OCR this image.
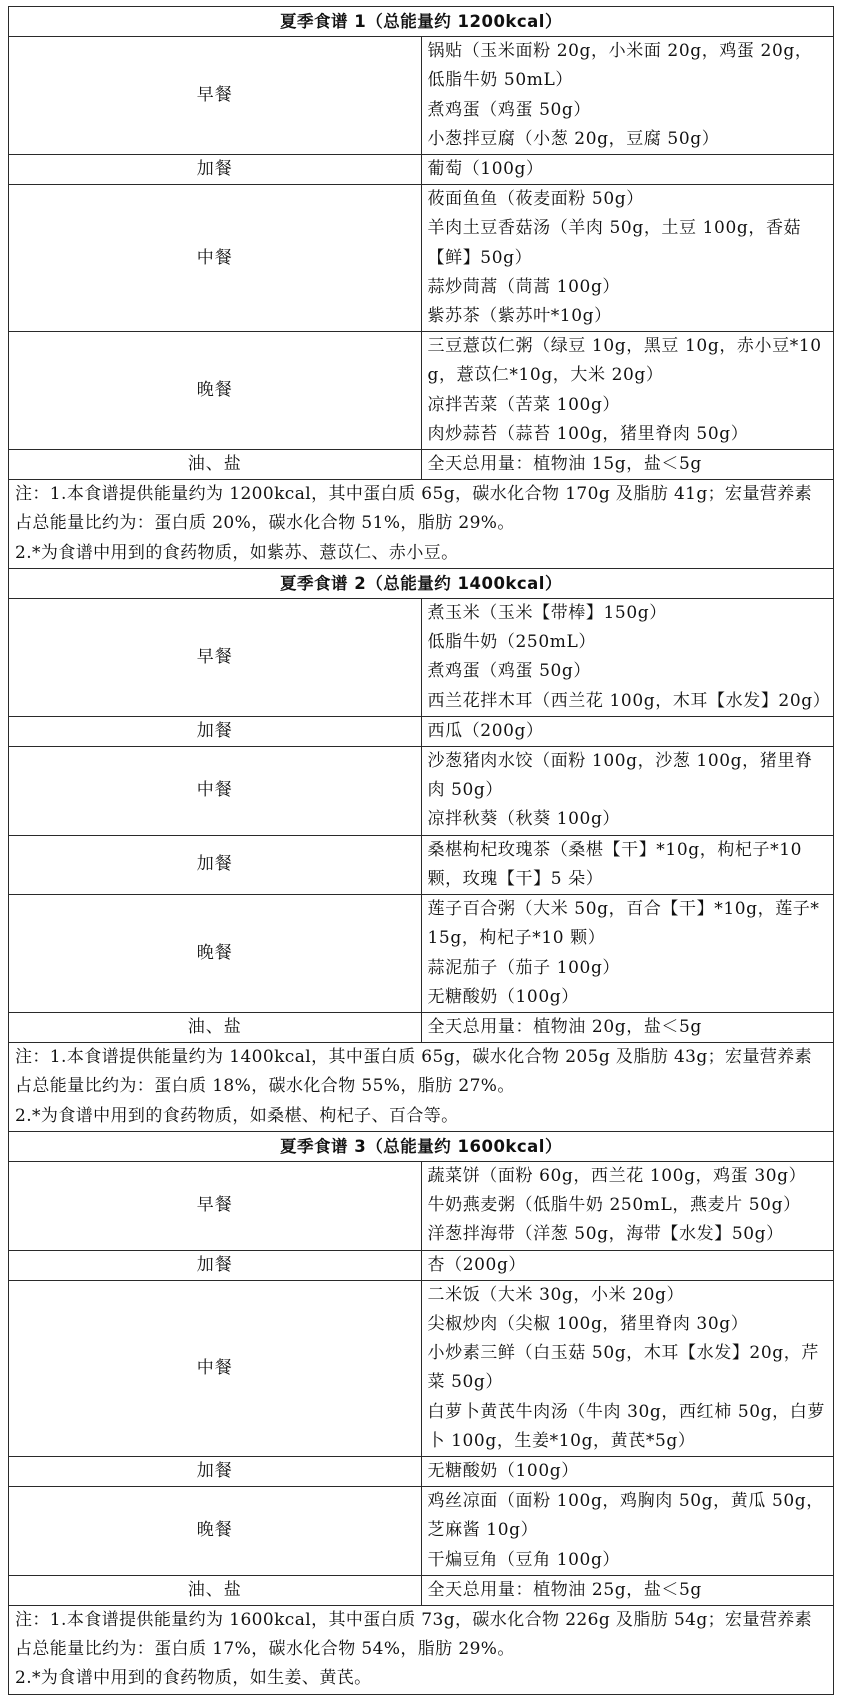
夏季食谱 1（总能量约 1200kcal）	
早餐	锅贴（玉米面粉 20g，小米面 20g，鸡蛋 20g，低脂牛奶 50mL）
煮鸡蛋（鸡蛋 50g）
小葱拌豆腐（小葱 20g，豆腐 50g）

加餐	葡萄（100g）

中餐	莜面鱼鱼（莜麦面粉 50g）
羊肉土豆香菇汤（羊肉 50g，土豆 100g，香菇【鲜】50g）
蒜炒茼蒿（茼蒿 100g）
紫苏茶（紫苏叶*10g）

晚餐	三豆薏苡仁粥（绿豆 10g，黑豆 10g，赤小豆*10g，薏苡仁*10g，大米 20g）
凉拌苦菜（苦菜 100g）
肉炒蒜苔（蒜苔 100g，猪里脊肉 50g）

油、盐	全天总用量：植物油 15g，盐＜5g

注：1.本食谱提供能量约为 1200kcal，其中蛋白质 65g，碳水化合物 170g 及脂肪 41g；宏量营养素占总能量比约为：蛋白质 20%，碳水化合物 51%，脂肪 29%。
2.*为食谱中用到的食药物质，如紫苏、薏苡仁、赤小豆。	

夏季食谱 2（总能量约 1400kcal）	
早餐	煮玉米（玉米【带棒】150g）
低脂牛奶（250mL）
煮鸡蛋（鸡蛋 50g）
西兰花拌木耳（西兰花 100g，木耳【水发】20g）

加餐	西瓜（200g）

中餐	沙葱猪肉水饺（面粉 100g，沙葱 100g，猪里脊肉 50g）
凉拌秋葵（秋葵 100g）

加餐	桑椹枸杞玫瑰茶（桑椹【干】*10g，枸杞子*10 颗，玫瑰【干】5 朵）

晚餐	莲子百合粥（大米 50g，百合【干】*10g，莲子*15g，枸杞子*10 颗）
蒜泥茄子（茄子 100g）
无糖酸奶（100g）

油、盐	全天总用量：植物油 20g，盐＜5g

注：1.本食谱提供能量约为 1400kcal，其中蛋白质 65g，碳水化合物 205g 及脂肪 43g；宏量营养素占总能量比约为：蛋白质 18%，碳水化合物 55%，脂肪 27%。
2.*为食谱中用到的食药物质，如桑椹、枸杞子、百合等。	

夏季食谱 3（总能量约 1600kcal）	
早餐	蔬菜饼（面粉 60g，西兰花 100g，鸡蛋 30g）
牛奶燕麦粥（低脂牛奶 250mL，燕麦片 50g）
洋葱拌海带（洋葱 50g，海带【水发】50g）

加餐	杏（200g）

中餐	二米饭（大米 30g，小米 20g）
尖椒炒肉（尖椒 100g，猪里脊肉 30g）
小炒素三鲜（白玉菇 50g，木耳【水发】20g，芹菜 50g）
白萝卜黄芪牛肉汤（牛肉 30g，西红柿 50g，白萝卜 100g，生姜*10g，黄芪*5g）

加餐	无糖酸奶（100g）

晚餐	鸡丝凉面（面粉 100g，鸡胸肉 50g，黄瓜 50g，芝麻酱 10g）
干煸豆角（豆角 100g）

油、盐	全天总用量：植物油 25g，盐＜5g

注：1.本食谱提供能量约为 1600kcal，其中蛋白质 73g，碳水化合物 226g 及脂肪 54g；宏量营养素占总能量比约为：蛋白质 17%，碳水化合物 54%，脂肪 29%。
2.*为食谱中用到的食药物质，如生姜、黄芪。	
